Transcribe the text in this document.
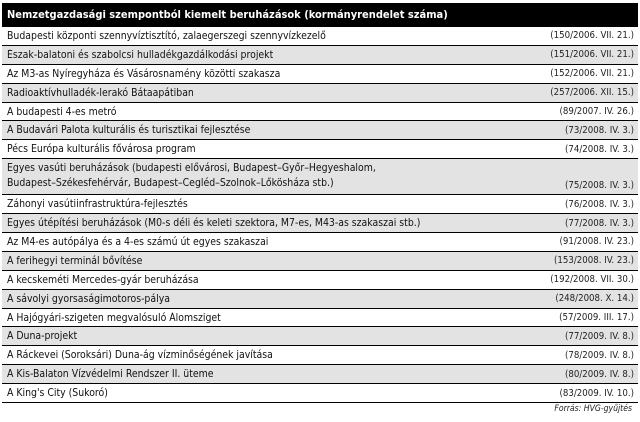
Nemzetgazdasági szempontból kiemelt beruházások (kormányrendelet száma)
Budapesti központi szennyvíztisztító, zalaegerszegi szennyvízkezelő	(150/2006. VII. 21.)
Észak-balatoni és szabolcsi hulladékgazdálkodási projekt	(151/2006. VII. 21.)
Az M3-as Nyíregyháza és Vásárosnamény közötti szakasza	(152/2006. VII. 21.)
Radioaktívhulladék-lerakó Bátaapátiban	(257/2006. XII. 15.)
A budapesti 4-es metró	(89/2007. IV. 26.)
A Budavári Palota kulturális és turisztikai fejlesztése	(73/2008. IV. 3.)
Pécs Európa kulturális fővárosa program	(74/2008. IV. 3.)
Egyes vasúti beruházások (budapesti elővárosi, Budapest–Győr–Hegyeshalom,
Budapest–Székesfehérvár, Budapest–Cegléd–Szolnok–Lőkösháza stb.)	(75/2008. IV. 3.)
Záhonyi vasútiinfrastruktúra-fejlesztés	(76/2008. IV. 3.)
Egyes útépítési beruházások (M0-s déli és keleti szektora, M7-es, M43-as szakaszai stb.)	(77/2008. IV. 3.)
Az M4-es autópálya és a 4-es számú út egyes szakaszai	(91/2008. IV. 23.)
A ferihegyi terminál bővítése	(153/2008. IV. 23.)
A kecskeméti Mercedes-gyár beruházása	(192/2008. VII. 30.)
A sávolyi gyorsaságimotoros-pálya	(248/2008. X. 14.)
A Hajógyári-szigeten megvalósuló Álomsziget	(57/2009. III. 17.)
A Duna-projekt	(77/2009. IV. 8.)
A Ráckevei (Soroksári) Duna-ág vízminőségének javítása	(78/2009. IV. 8.)
A Kis-Balaton Vízvédelmi Rendszer II. üteme	(80/2009. IV. 8.)
A King's City (Sukoró)	(83/2009. IV. 10.)
Forrás: HVG-gyűjtés
